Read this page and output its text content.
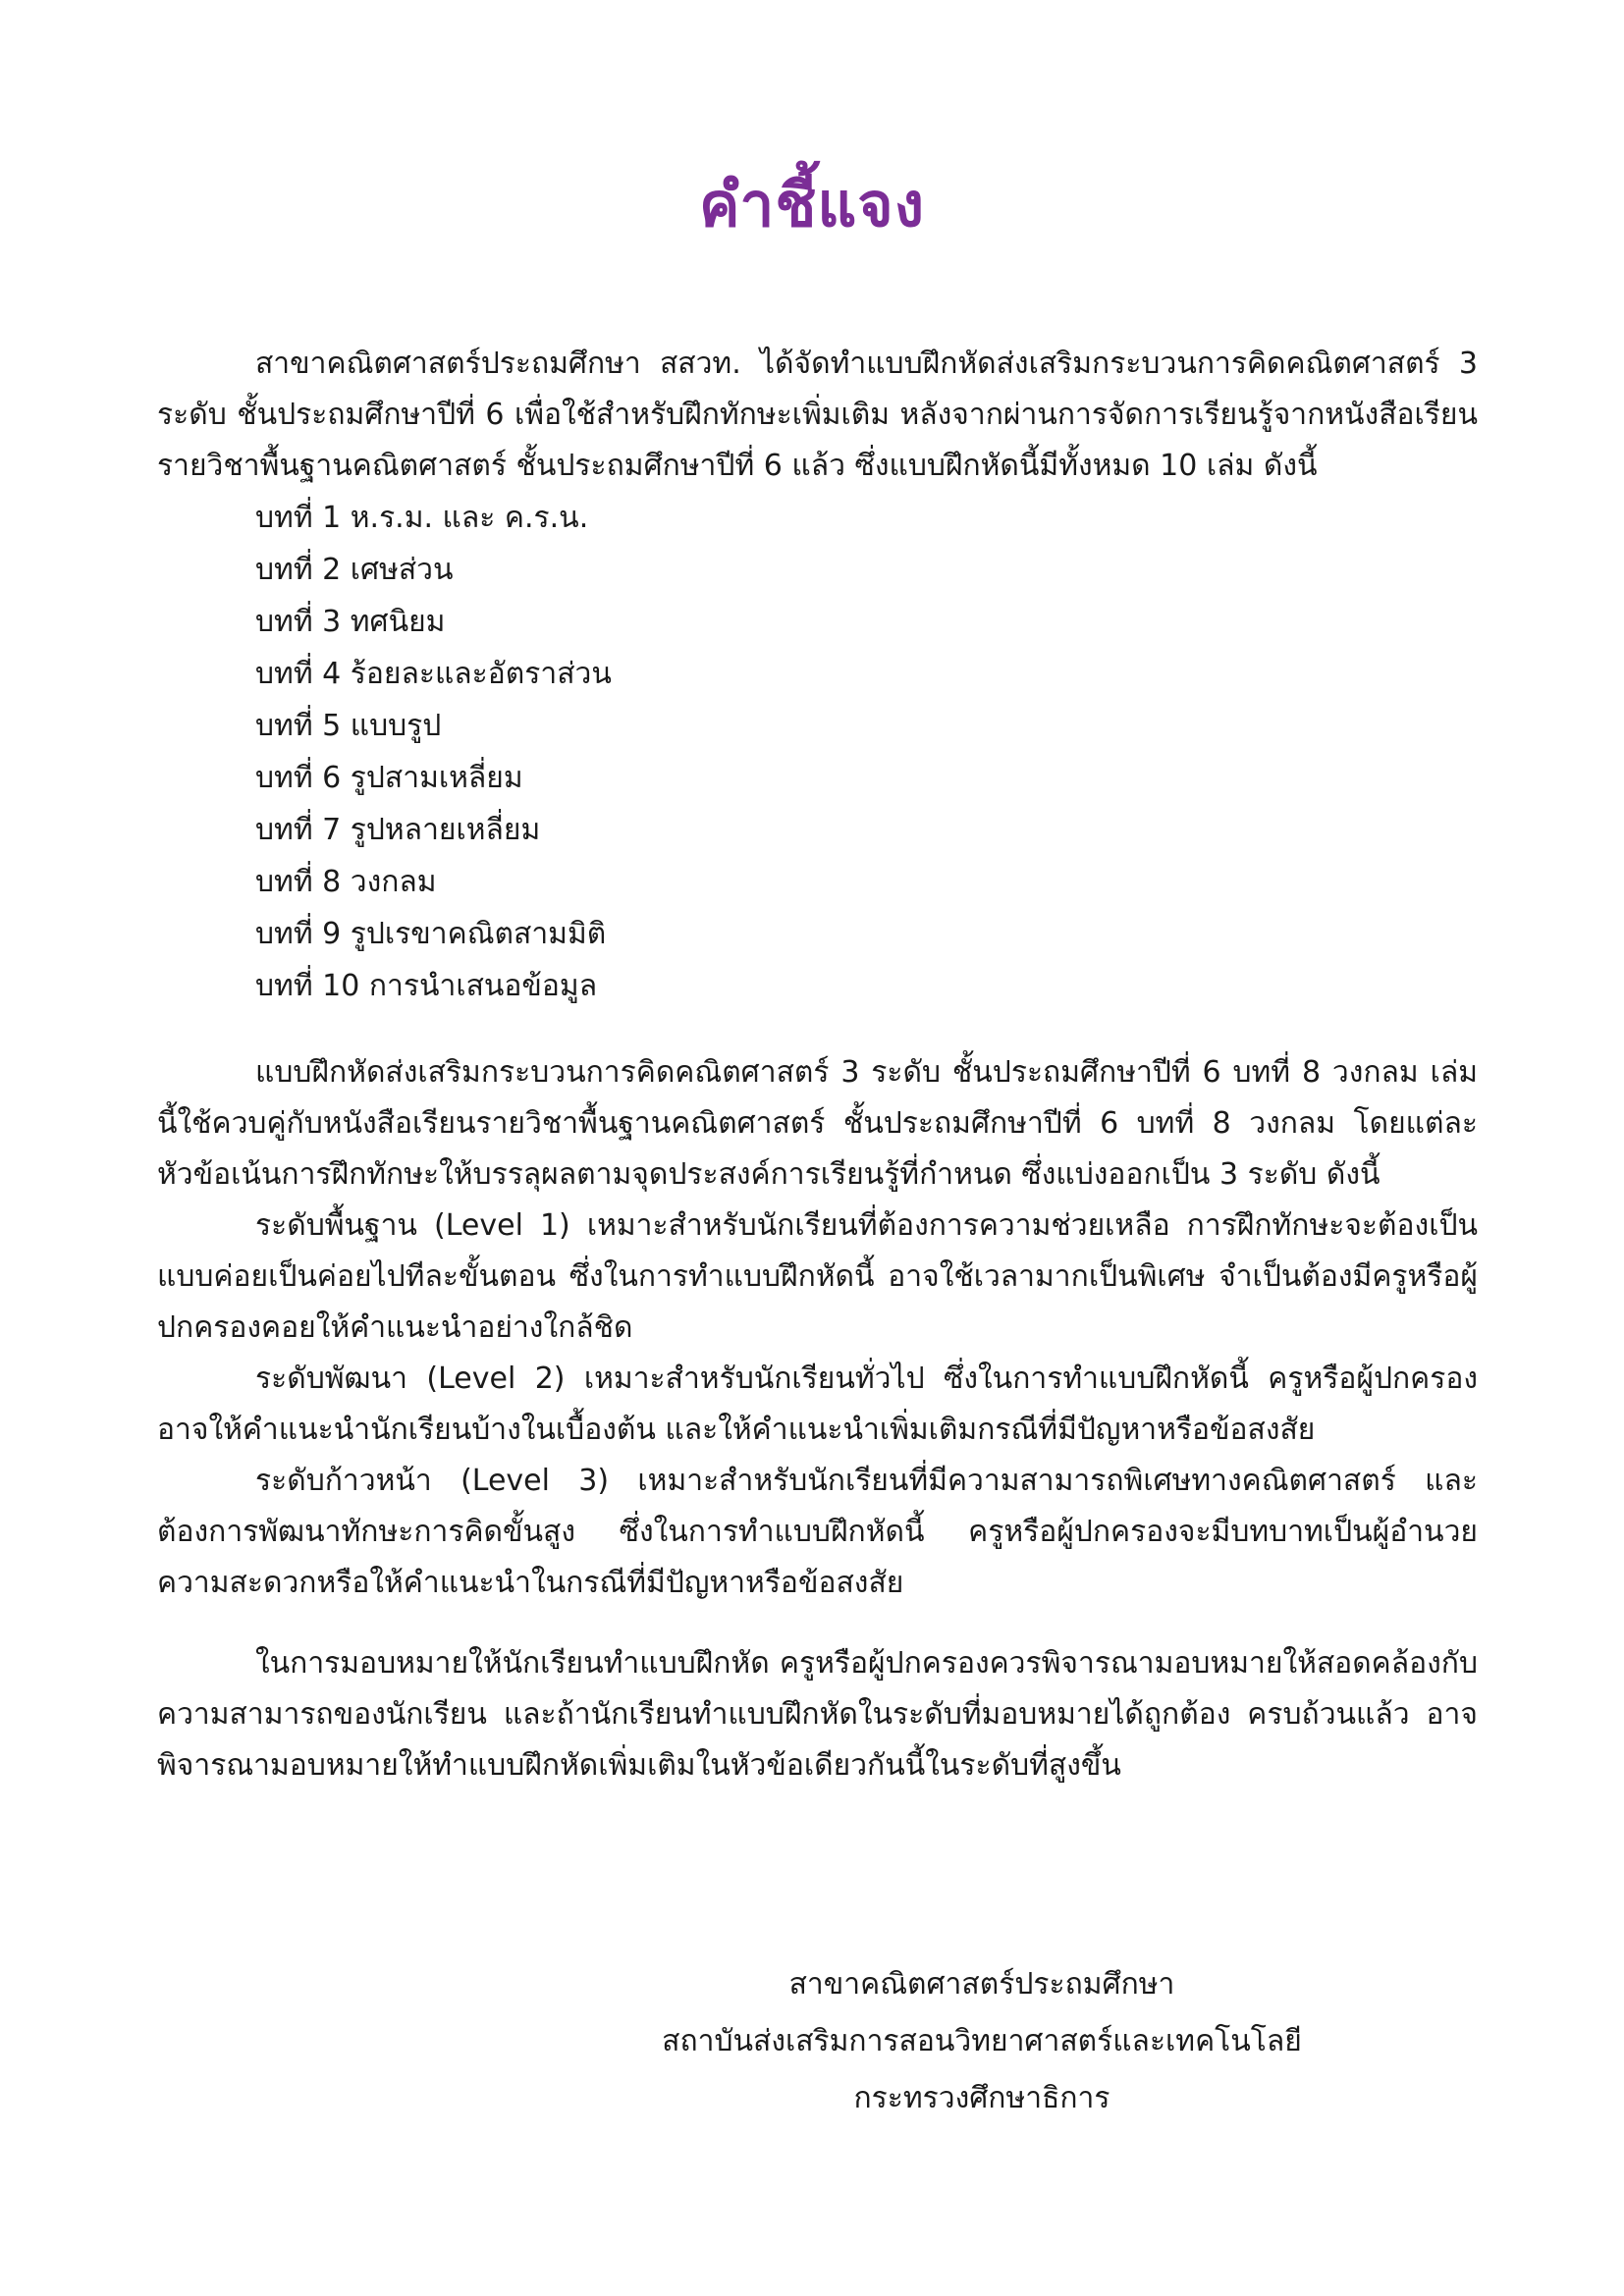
คำชี้แจง

สาขาคณิตศาสตร์ประถมศึกษา สสวท. ได้จัดทำแบบฝึกหัดส่งเสริมกระบวนการคิดคณิตศาสตร์ 3 ระดับ ชั้นประถมศึกษาปีที่ 6 เพื่อใช้สำหรับฝึกทักษะเพิ่มเติม หลังจากผ่านการจัดการเรียนรู้จากหนังสือเรียนรายวิชาพื้นฐานคณิตศาสตร์ ชั้นประถมศึกษาปีที่ 6 แล้ว ซึ่งแบบฝึกหัดนี้มีทั้งหมด 10 เล่ม ดังนี้

บทที่ 1 ห.ร.ม. และ ค.ร.น.
บทที่ 2 เศษส่วน
บทที่ 3 ทศนิยม
บทที่ 4 ร้อยละและอัตราส่วน
บทที่ 5 แบบรูป
บทที่ 6 รูปสามเหลี่ยม
บทที่ 7 รูปหลายเหลี่ยม
บทที่ 8 วงกลม
บทที่ 9 รูปเรขาคณิตสามมิติ
บทที่ 10 การนำเสนอข้อมูล

แบบฝึกหัดส่งเสริมกระบวนการคิดคณิตศาสตร์ 3 ระดับ ชั้นประถมศึกษาปีที่ 6 บทที่ 8 วงกลม เล่มนี้ใช้ควบคู่กับหนังสือเรียนรายวิชาพื้นฐานคณิตศาสตร์ ชั้นประถมศึกษาปีที่ 6 บทที่ 8 วงกลม โดยแต่ละหัวข้อเน้นการฝึกทักษะให้บรรลุผลตามจุดประสงค์การเรียนรู้ที่กำหนด ซึ่งแบ่งออกเป็น 3 ระดับ ดังนี้

ระดับพื้นฐาน (Level 1) เหมาะสำหรับนักเรียนที่ต้องการความช่วยเหลือ การฝึกทักษะจะต้องเป็นแบบค่อยเป็นค่อยไปทีละขั้นตอน ซึ่งในการทำแบบฝึกหัดนี้ อาจใช้เวลามากเป็นพิเศษ จำเป็นต้องมีครูหรือผู้ปกครองคอยให้คำแนะนำอย่างใกล้ชิด

ระดับพัฒนา (Level 2) เหมาะสำหรับนักเรียนทั่วไป ซึ่งในการทำแบบฝึกหัดนี้ ครูหรือผู้ปกครองอาจให้คำแนะนำนักเรียนบ้างในเบื้องต้น และให้คำแนะนำเพิ่มเติมกรณีที่มีปัญหาหรือข้อสงสัย

ระดับก้าวหน้า (Level 3) เหมาะสำหรับนักเรียนที่มีความสามารถพิเศษทางคณิตศาสตร์ และต้องการพัฒนาทักษะการคิดขั้นสูง ซึ่งในการทำแบบฝึกหัดนี้ ครูหรือผู้ปกครองจะมีบทบาทเป็นผู้อำนวยความสะดวกหรือให้คำแนะนำในกรณีที่มีปัญหาหรือข้อสงสัย

ในการมอบหมายให้นักเรียนทำแบบฝึกหัด ครูหรือผู้ปกครองควรพิจารณามอบหมายให้สอดคล้องกับความสามารถของนักเรียน และถ้านักเรียนทำแบบฝึกหัดในระดับที่มอบหมายได้ถูกต้อง ครบถ้วนแล้ว อาจพิจารณามอบหมายให้ทำแบบฝึกหัดเพิ่มเติมในหัวข้อเดียวกันนี้ในระดับที่สูงขึ้น

สาขาคณิตศาสตร์ประถมศึกษา
สถาบันส่งเสริมการสอนวิทยาศาสตร์และเทคโนโลยี
กระทรวงศึกษาธิการ
